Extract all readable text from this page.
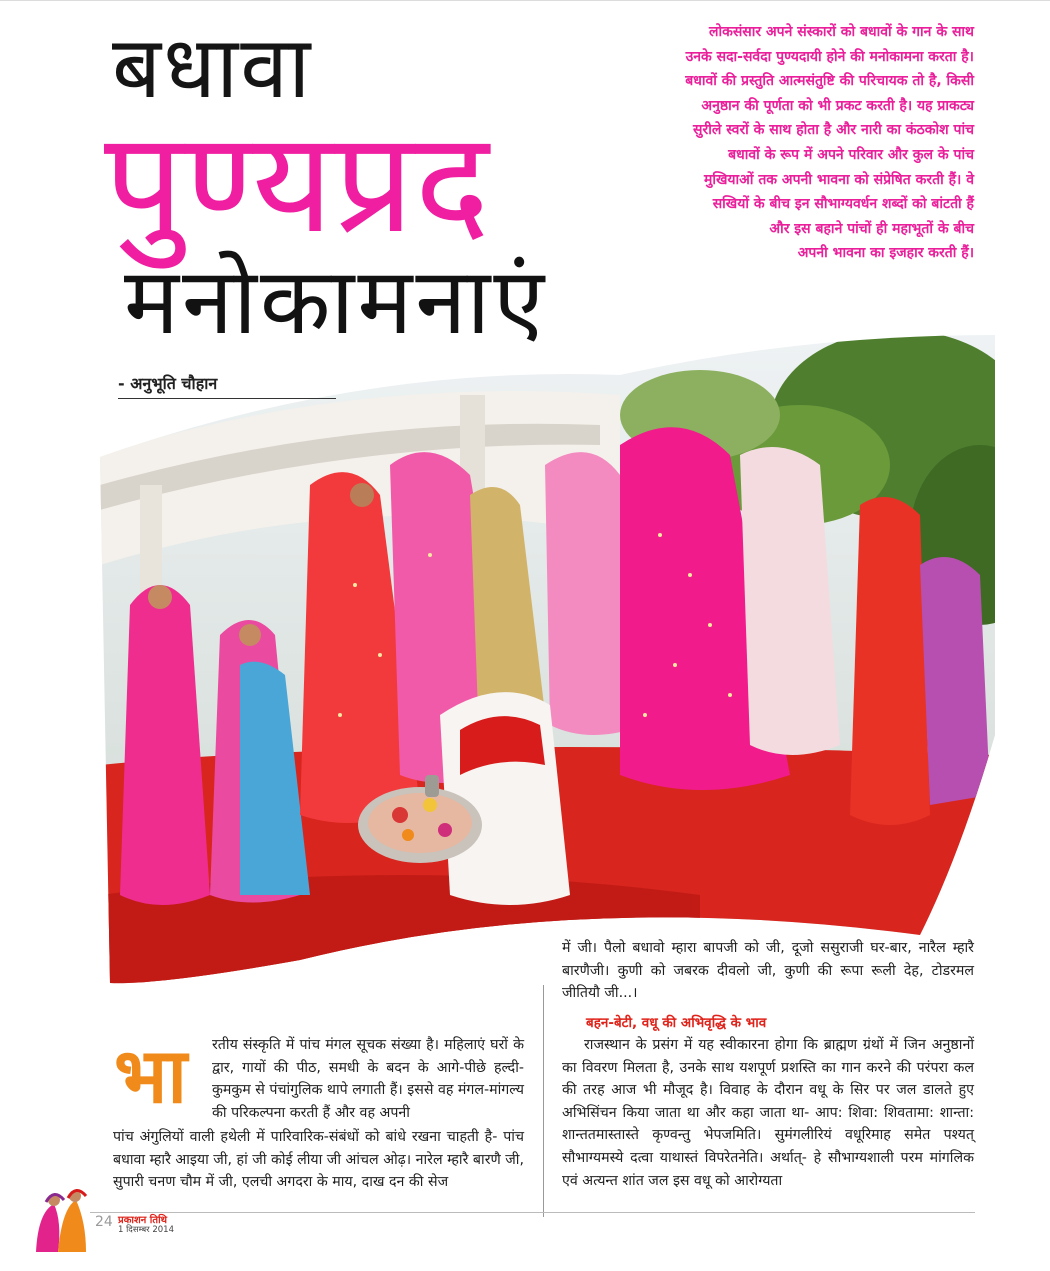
बधावा
पुण्यप्रद
मनोकामनाएं
लोकसंसार अपने संस्कारों को बधावों के गान के साथ
उनके सदा-सर्वदा पुण्यदायी होने की मनोकामना करता है।
बधावों की प्रस्तुति आत्मसंतुष्टि की परिचायक तो है, किसी
अनुष्ठान की पूर्णता को भी प्रकट करती है। यह प्राकट्य
सुरीले स्वरों के साथ होता है और नारी का कंठकोश पांच
बधावों के रूप में अपने परिवार और कुल के पांच
मुखियाओं तक अपनी भावना को संप्रेषित करती हैं। वे
सखियों के बीच इन सौभाग्यवर्धन शब्दों को बांटती हैं
और इस बहाने पांचों ही महाभूतों के बीच
अपनी भावना का इजहार करती हैं।
- अनुभूति चौहान
भा रतीय संस्कृति में पांच मंगल सूचक संख्या है। महिलाएं घरों के द्वार, गायों की पीठ, समधी के बदन के आगे-पीछे हल्दी-कुमकुम से पंचांगुलिक थापे लगाती हैं। इससे वह मंगल-मांगल्य की परिकल्पना करती हैं और वह अपनी

पांच अंगुलियों वाली हथेली में पारिवारिक-संबंधों को बांधे रखना चाहती है- पांच बधावा म्हारै आइया जी, हां जी कोई लीया जी आंचल ओढ़। नारेल म्हारै बारणै जी, सुपारी चनण चौम में जी, एलची अगदरा के माय, दाख दन की सेज

में जी। पैलो बधावो म्हारा बापजी को जी, दूजो ससुराजी घर-बार, नारैल म्हारै बारणैजी। कुणी को जबरक दीवलो जी, कुणी की रूपा रूली देह, टोडरमल जीतियौ जी...।

बहन-बेटी, वधू की अभिवृद्धि के भाव

राजस्थान के प्रसंग में यह स्वीकारना होगा कि ब्राह्मण ग्रंथों में जिन अनुष्ठानों का विवरण मिलता है, उनके साथ यशपूर्ण प्रशस्ति का गान करने की परंपरा कल की तरह आज भी मौजूद है। विवाह के दौरान वधू के सिर पर जल डालते हुए अभिसिंचन किया जाता था और कहा जाता था- आप: शिवा: शिवतामा: शान्ता: शान्ततमास्तास्ते कृण्वन्तु भेपजमिति। सुमंगलीरियं वधूरिमाह समेत पश्यत् सौभाग्यमस्ये दत्वा याथास्तं विपरेतनेति। अर्थात्- हे सौभाग्यशाली परम मांगलिक एवं अत्यन्त शांत जल इस वधू को आरोग्यता

24 प्रकाशन तिथि
1 दिसम्बर 2014
